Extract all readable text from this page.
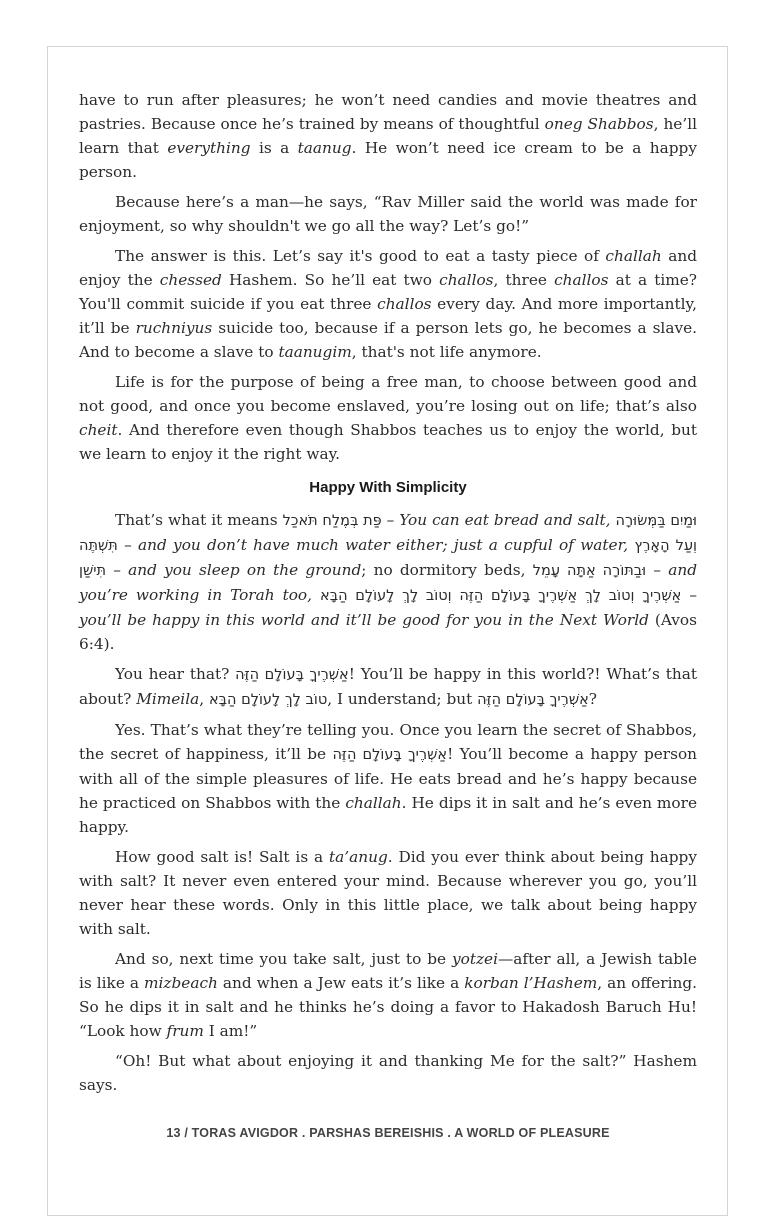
have to run after pleasures; he won’t need candies and movie theatres and pastries. Because once he’s trained by means of thoughtful oneg Shabbos, he’ll learn that everything is a taanug. He won’t need ice cream to be a happy person.

Because here’s a man—he says, “Rav Miller said the world was made for enjoyment, so why shouldn't we go all the way? Let’s go!”

The answer is this. Let’s say it's good to eat a tasty piece of challah and enjoy the chessed Hashem. So he’ll eat two challos, three challos at a time? You'll commit suicide if you eat three challos every day. And more importantly, it’ll be ruchniyus suicide too, because if a person lets go, he becomes a slave. And to become a slave to taanugim, that's not life anymore.

Life is for the purpose of being a free man, to choose between good and not good, and once you become enslaved, you’re losing out on life; that’s also cheit. And therefore even though Shabbos teaches us to enjoy the world, but we learn to enjoy it the right way.

Happy With Simplicity

That’s what it means פַּת בְּמֶלַח תֹּאכַל – You can eat bread and salt, וּמַיִם בַּמְּשׂוּרָה תִּשְׁתֶּה – and you don’t have much water either; just a cupful of water, וְעַל הָאָרֶץ תִּישַׁן – and you sleep on the ground; no dormitory beds, וּבַתּוֹרָה אַתָּה עָמֵל – and you’re working in Torah too, אַשְׁרֶיךָ וְטוֹב לָךְ אַשְׁרֶיךָ בָּעוֹלָם הַזֶּה וְטוֹב לָךְ לָעוֹלָם הַבָּא – you’ll be happy in this world and it’ll be good for you in the Next World (Avos 6:4).

You hear that? אַשְׁרֶיךָ בָּעוֹלָם הַזֶּה! You’ll be happy in this world?! What’s that about? Mimeila, טוֹב לָךְ לָעוֹלָם הַבָּא, I understand; but אַשְׁרֶיךָ בָּעוֹלָם הַזֶּה?

Yes. That’s what they’re telling you. Once you learn the secret of Shabbos, the secret of happiness, it’ll be אַשְׁרֶיךָ בָּעוֹלָם הַזֶּה! You’ll become a happy person with all of the simple pleasures of life. He eats bread and he’s happy because he practiced on Shabbos with the challah. He dips it in salt and he’s even more happy.

How good salt is! Salt is a ta’anug. Did you ever think about being happy with salt? It never even entered your mind. Because wherever you go, you’ll never hear these words. Only in this little place, we talk about being happy with salt.

And so, next time you take salt, just to be yotzei—after all, a Jewish table is like a mizbeach and when a Jew eats it’s like a korban l’Hashem, an offering. So he dips it in salt and he thinks he’s doing a favor to Hakadosh Baruch Hu! “Look how frum I am!”

“Oh! But what about enjoying it and thanking Me for the salt?” Hashem says.

13 / TORAS AVIGDOR . PARSHAS BEREISHIS . A WORLD OF PLEASURE
